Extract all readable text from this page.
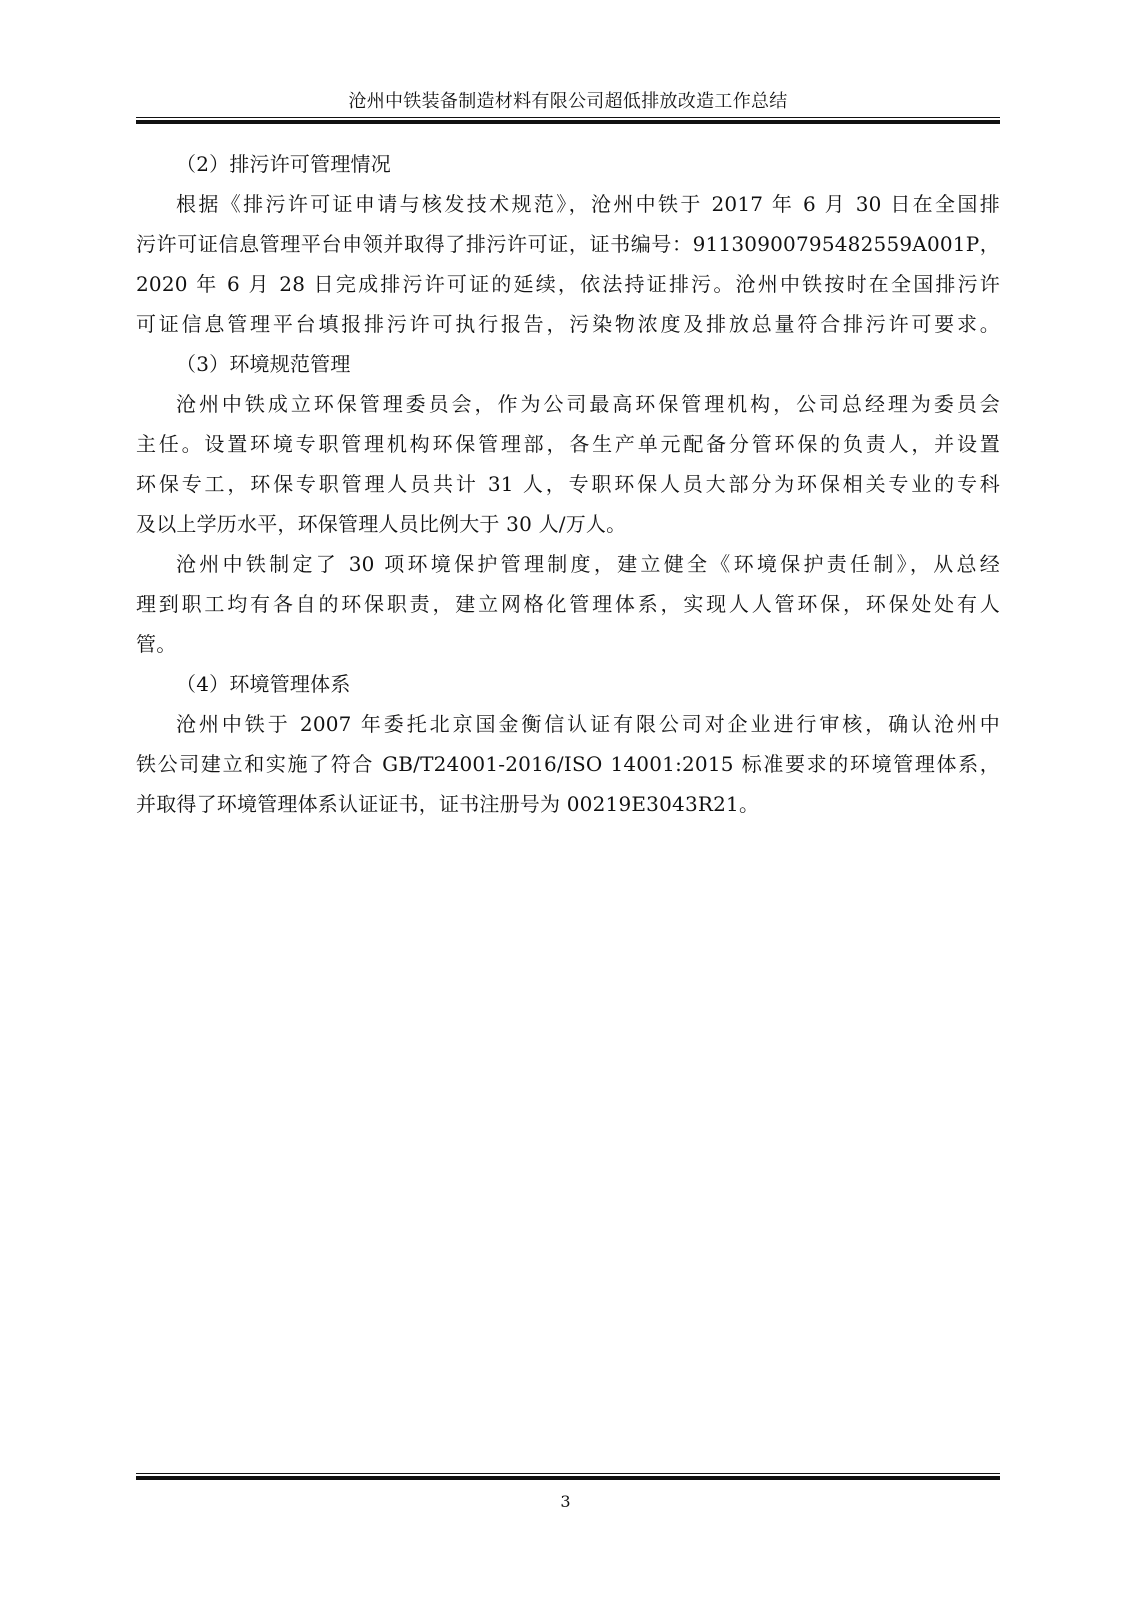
沧州中铁装备制造材料有限公司超低排放改造工作总结
（2）排污许可管理情况
根据《排污许可证申请与核发技术规范》，沧州中铁于 2017 年 6 月 30 日在全国排
污许可证信息管理平台申领并取得了排污许可证，证书编号：91130900795482559A001P，
2020 年 6 月 28 日完成排污许可证的延续，依法持证排污。沧州中铁按时在全国排污许
可证信息管理平台填报排污许可执行报告，污染物浓度及排放总量符合排污许可要求。
（3）环境规范管理
沧州中铁成立环保管理委员会，作为公司最高环保管理机构，公司总经理为委员会
主任。设置环境专职管理机构环保管理部，各生产单元配备分管环保的负责人，并设置
环保专工，环保专职管理人员共计 31 人，专职环保人员大部分为环保相关专业的专科
及以上学历水平，环保管理人员比例大于 30 人/万人。
沧州中铁制定了 30 项环境保护管理制度，建立健全《环境保护责任制》，从总经
理到职工均有各自的环保职责，建立网格化管理体系，实现人人管环保，环保处处有人
管。
（4）环境管理体系
沧州中铁于 2007 年委托北京国金衡信认证有限公司对企业进行审核，确认沧州中
铁公司建立和实施了符合 GB/T24001-2016/ISO 14001:2015 标准要求的环境管理体系，
并取得了环境管理体系认证证书，证书注册号为 00219E3043R21。
3
